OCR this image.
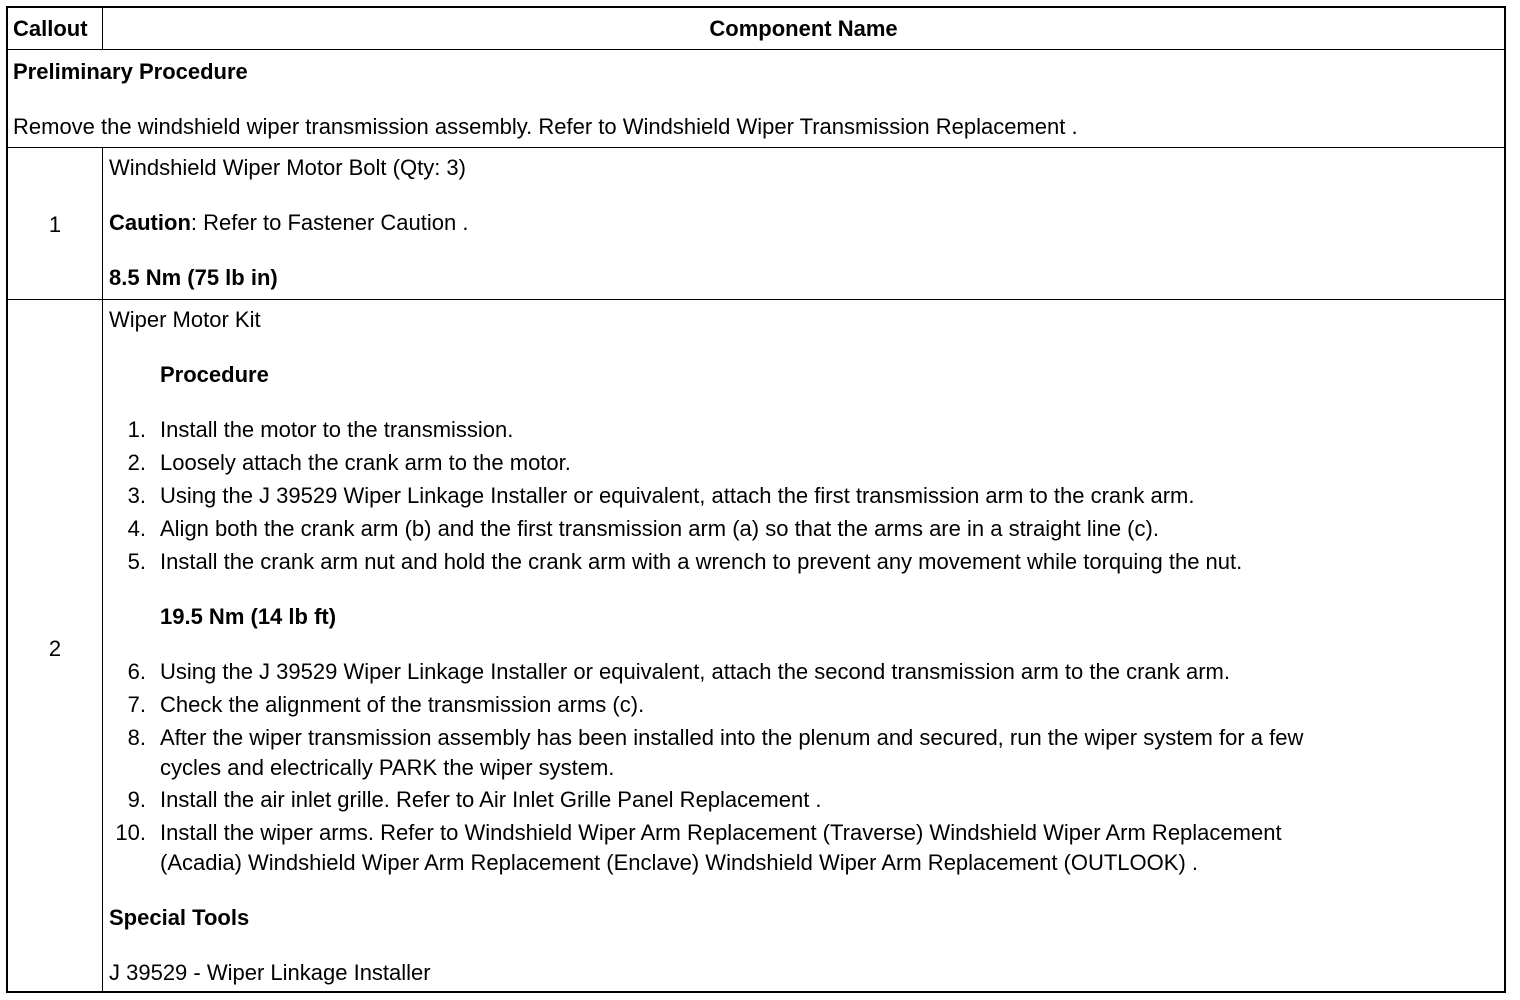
Callout	Component Name
Preliminary Procedure
Remove the windshield wiper transmission assembly. Refer to Windshield Wiper Transmission Replacement .
1
Windshield Wiper Motor Bolt (Qty: 3)
Caution: Refer to Fastener Caution .
8.5 Nm (75 lb in)
2
Wiper Motor Kit
Procedure
1. Install the motor to the transmission.
2. Loosely attach the crank arm to the motor.
3. Using the J 39529 Wiper Linkage Installer or equivalent, attach the first transmission arm to the crank arm.
4. Align both the crank arm (b) and the first transmission arm (a) so that the arms are in a straight line (c).
5. Install the crank arm nut and hold the crank arm with a wrench to prevent any movement while torquing the nut.
19.5 Nm (14 lb ft)
6. Using the J 39529 Wiper Linkage Installer or equivalent, attach the second transmission arm to the crank arm.
7. Check the alignment of the transmission arms (c).
8. After the wiper transmission assembly has been installed into the plenum and secured, run the wiper system for a few
cycles and electrically PARK the wiper system.
9. Install the air inlet grille. Refer to Air Inlet Grille Panel Replacement .
10. Install the wiper arms. Refer to Windshield Wiper Arm Replacement (Traverse) Windshield Wiper Arm Replacement
(Acadia) Windshield Wiper Arm Replacement (Enclave) Windshield Wiper Arm Replacement (OUTLOOK) .
Special Tools
J 39529 - Wiper Linkage Installer
